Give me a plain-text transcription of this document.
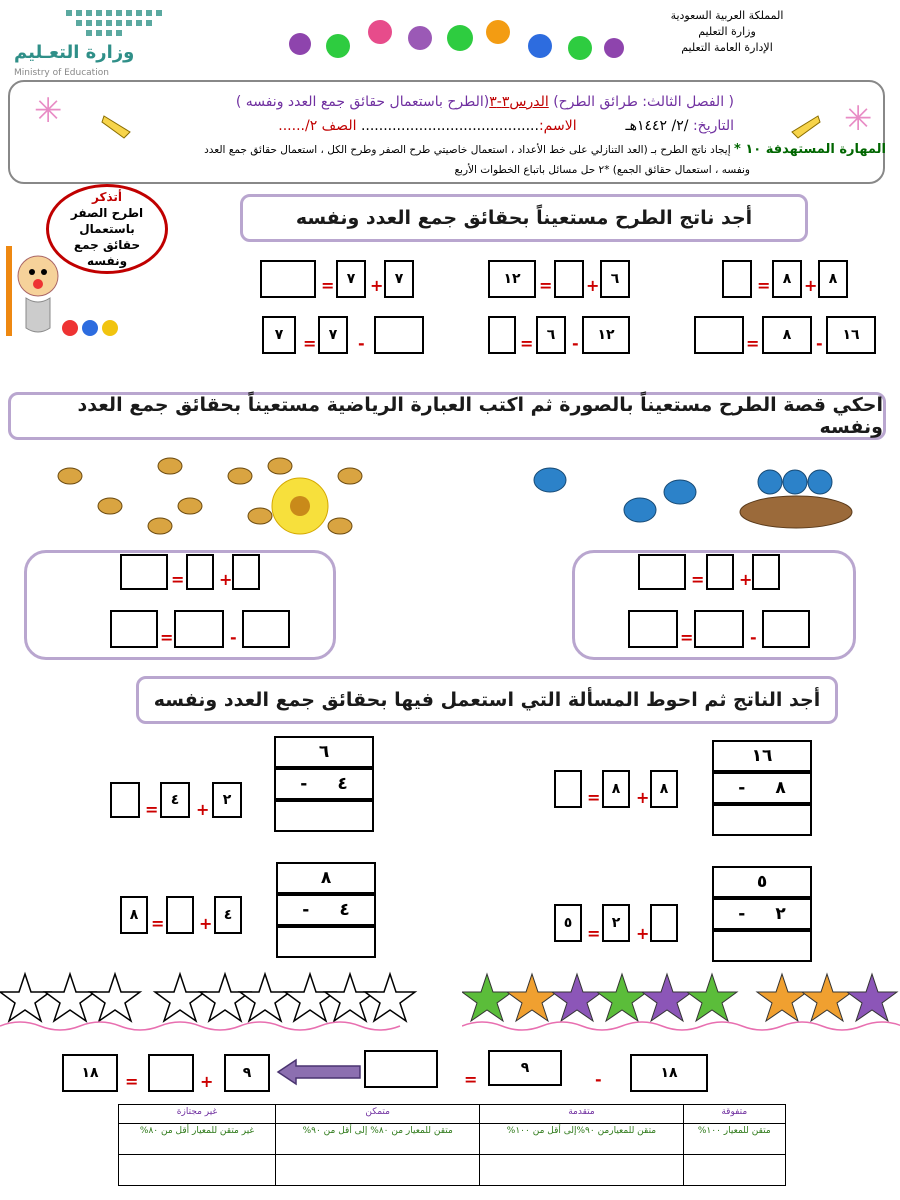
المملكة العربية السعودية
وزارة التعليم
الإدارة العامة التعليم
وزارة التعـليم
Ministry of Education
✳	✳
( الفصل الثالث: طرائق الطرح) الدرس٣-٣(الطرح باستعمال حقائق جمع العدد ونفسه )
التاريخ: /٢/ ١٤٤٢هـ  الاسم:........................................ الصف ٢/......
المهارة المستهدفة ١٠ * إيجاد ناتج الطرح بـ (العد التنازلي على خط الأعداد ، استعمال خاصيتي طرح الصفر وطرح الكل ، استعمال حقائق جمع العدد
ونفسه ، استعمال حقائق الجمع) *٢ حل مسائل باتباع الخطوات الأربع
أتذكر
اطرح الصفر باستعمال حقائق جمع ونفسه
أجد ناتج الطرح مستعيناً بحقائق جمع العدد ونفسه
٨
+
٨
=
١٦
-
٨
=
٦
+
=
١٢
١٢
-
٦
=
٧
+
٧
=
-
٧
=
٧
احكي قصة الطرح مستعيناً بالصورة ثم اكتب العبارة الرياضية مستعيناً بحقائق جمع العدد ونفسه
+
=
-
=
+
=
-
=
أجد الناتج ثم احوط المسألة التي استعمل فيها بحقائق جمع العدد ونفسه
١٦
٨
-
٦
٤
-
٥
٢
-
٨
٤
-
٨
+
٨
=
٢
+
٤
=
+
٢
=
٥
٤
+
=
٨
١٨
-
٩
=
٩
+
=
١٨
متفوقة	متقدمة	متمكن	غير مجتازة
متقن للمعيار ١٠٠%	متقن للمعيارمن ٩٠%إلى أقل من ١٠٠%	متقن للمعيار من ٨٠% إلى أقل من ٩٠%	غير متقن للمعيار أقل من ٨٠%
